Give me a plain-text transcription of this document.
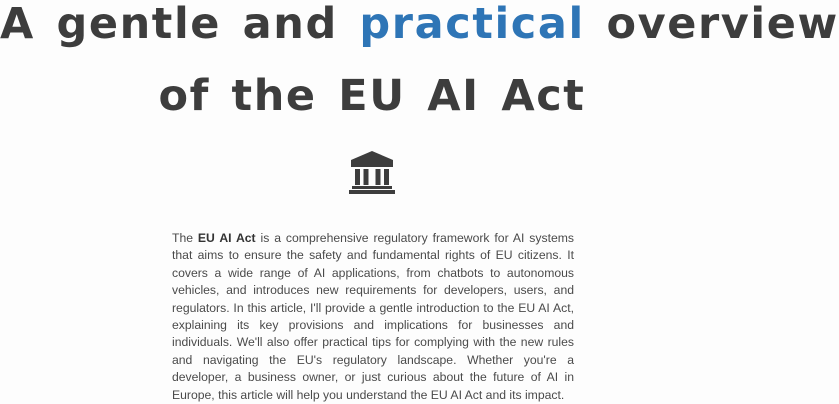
A gentle and practical overview
of the EU AI Act

The EU AI Act is a comprehensive regulatory framework for AI systems that aims to ensure the safety and fundamental rights of EU citizens. It covers a wide range of AI applications, from chatbots to autonomous vehicles, and introduces new requirements for developers, users, and regulators. In this article, I'll provide a gentle introduction to the EU AI Act, explaining its key provisions and implications for businesses and individuals. We'll also offer practical tips for complying with the new rules and navigating the EU's regulatory landscape. Whether you're a developer, a business owner, or just curious about the future of AI in Europe, this article will help you understand the EU AI Act and its impact.
